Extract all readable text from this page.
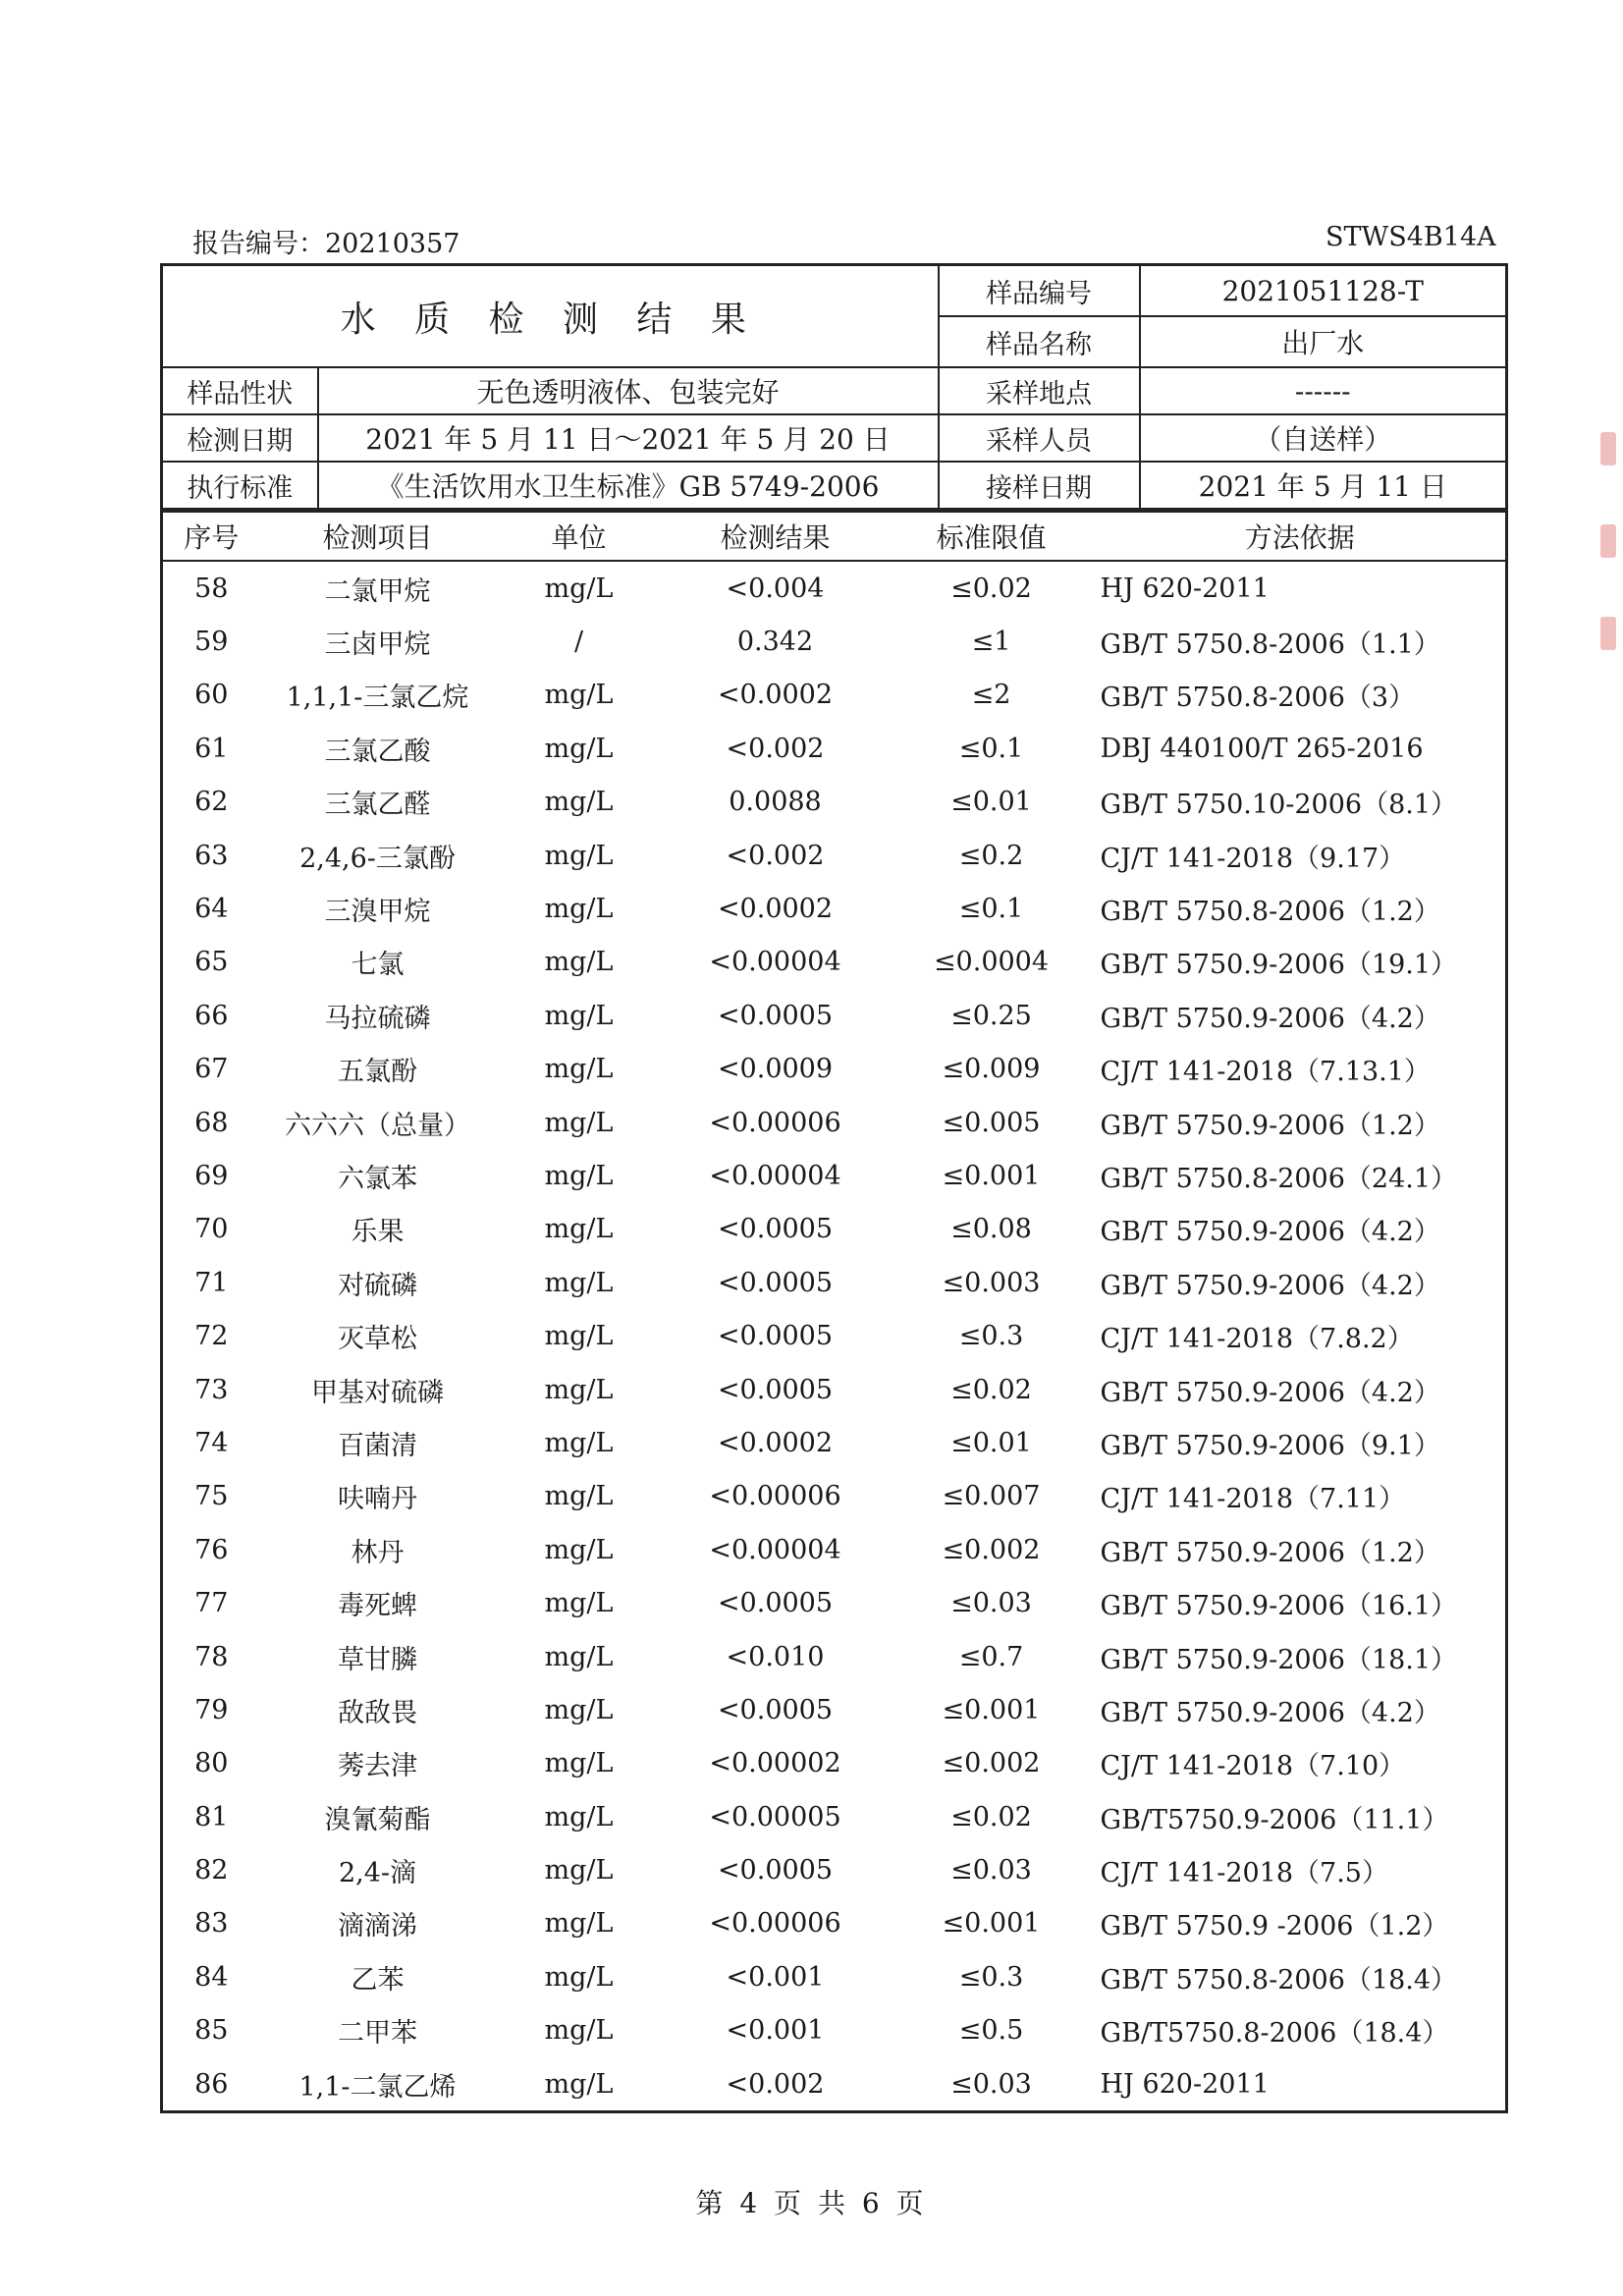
报告编号：20210357	STWS4B14A
水 质 检 测 结 果		样品编号	2021051128-T
		样品名称	出厂水
样品性状	无色透明液体、包装完好	采样地点	------
检测日期	2021 年 5 月 11 日～2021 年 5 月 20 日	采样人员	（自送样）
执行标准	《生活饮用水卫生标准》GB 5749-2006	接样日期	2021 年 5 月 11 日
序号	检测项目	单位	检测结果	标准限值	方法依据
58	二氯甲烷	mg/L	<0.004	≤0.02	HJ 620-2011
59	三卤甲烷	/	0.342	≤1	GB/T 5750.8-2006（1.1）
60	1,1,1-三氯乙烷	mg/L	<0.0002	≤2	GB/T 5750.8-2006（3）
61	三氯乙酸	mg/L	<0.002	≤0.1	DBJ 440100/T 265-2016
62	三氯乙醛	mg/L	0.0088	≤0.01	GB/T 5750.10-2006（8.1）
63	2,4,6-三氯酚	mg/L	<0.002	≤0.2	CJ/T 141-2018（9.17）
64	三溴甲烷	mg/L	<0.0002	≤0.1	GB/T 5750.8-2006（1.2）
65	七氯	mg/L	<0.00004	≤0.0004	GB/T 5750.9-2006（19.1）
66	马拉硫磷	mg/L	<0.0005	≤0.25	GB/T 5750.9-2006（4.2）
67	五氯酚	mg/L	<0.0009	≤0.009	CJ/T 141-2018（7.13.1）
68	六六六（总量）	mg/L	<0.00006	≤0.005	GB/T 5750.9-2006（1.2）
69	六氯苯	mg/L	<0.00004	≤0.001	GB/T 5750.8-2006（24.1）
70	乐果	mg/L	<0.0005	≤0.08	GB/T 5750.9-2006（4.2）
71	对硫磷	mg/L	<0.0005	≤0.003	GB/T 5750.9-2006（4.2）
72	灭草松	mg/L	<0.0005	≤0.3	CJ/T 141-2018（7.8.2）
73	甲基对硫磷	mg/L	<0.0005	≤0.02	GB/T 5750.9-2006（4.2）
74	百菌清	mg/L	<0.0002	≤0.01	GB/T 5750.9-2006（9.1）
75	呋喃丹	mg/L	<0.00006	≤0.007	CJ/T 141-2018（7.11）
76	林丹	mg/L	<0.00004	≤0.002	GB/T 5750.9-2006（1.2）
77	毒死蜱	mg/L	<0.0005	≤0.03	GB/T 5750.9-2006（16.1）
78	草甘膦	mg/L	<0.010	≤0.7	GB/T 5750.9-2006（18.1）
79	敌敌畏	mg/L	<0.0005	≤0.001	GB/T 5750.9-2006（4.2）
80	莠去津	mg/L	<0.00002	≤0.002	CJ/T 141-2018（7.10）
81	溴氰菊酯	mg/L	<0.00005	≤0.02	GB/T5750.9-2006（11.1）
82	2,4-滴	mg/L	<0.0005	≤0.03	CJ/T 141-2018（7.5）
83	滴滴涕	mg/L	<0.00006	≤0.001	GB/T 5750.9 -2006（1.2）
84	乙苯	mg/L	<0.001	≤0.3	GB/T 5750.8-2006（18.4）
85	二甲苯	mg/L	<0.001	≤0.5	GB/T5750.8-2006（18.4）
86	1,1-二氯乙烯	mg/L	<0.002	≤0.03	HJ 620-2011
第 4 页 共 6 页
